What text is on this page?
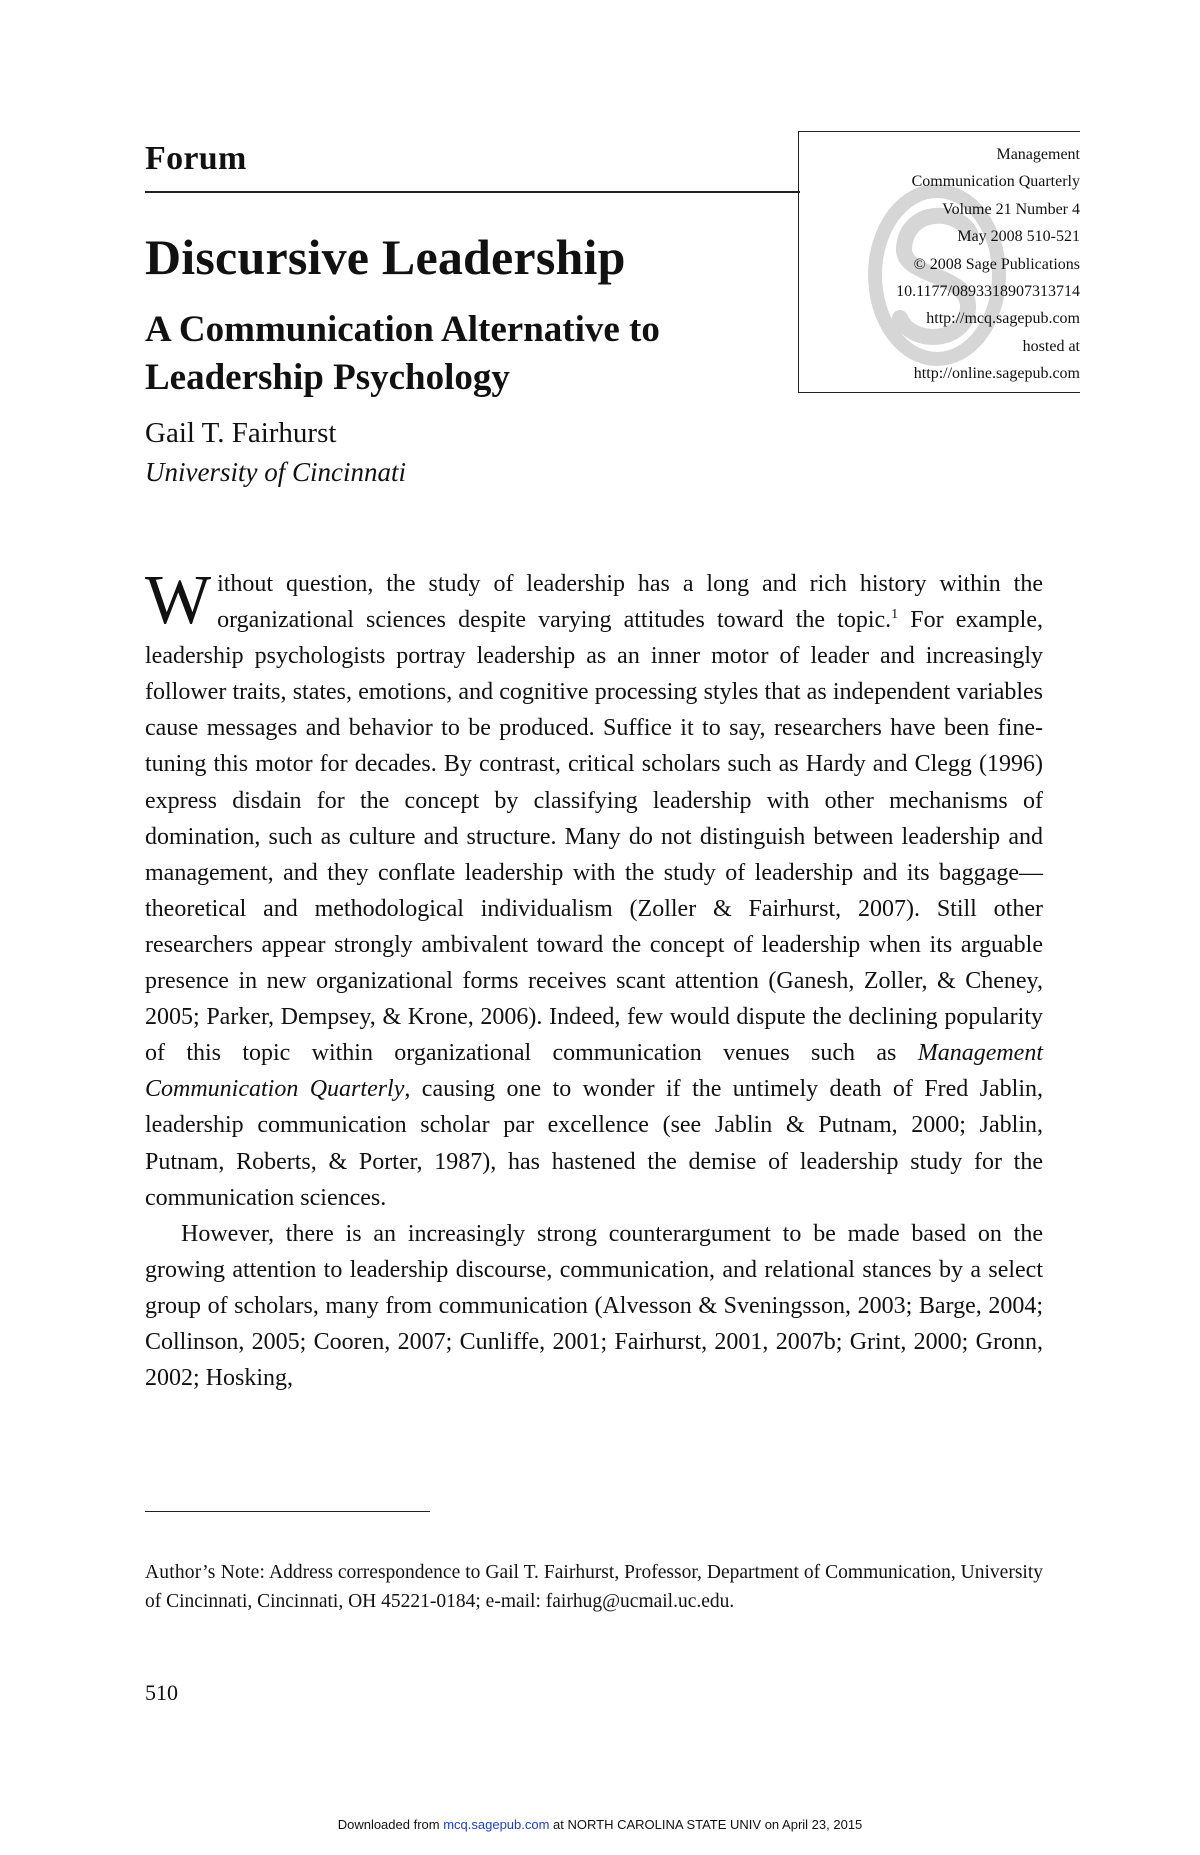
Forum	Management
Communication Quarterly
Volume 21 Number 4
May 2008 510-521
© 2008 Sage Publications
10.1177/0893318907313714
http://mcq.sagepub.com
hosted at
http://online.sagepub.com
Discursive Leadership
A Communication Alternative to
Leadership Psychology
Gail T. Fairhurst
University of Cincinnati

Without question, the study of leadership has a long and rich history within the organizational sciences despite varying attitudes toward the topic.$^1$ For example, leadership psychologists portray leadership as an inner motor of leader and increasingly follower traits, states, emotions, and cognitive processing styles that as independent variables cause messages and behavior to be produced. Suffice it to say, researchers have been fine-tuning this motor for decades. By contrast, critical scholars such as Hardy and Clegg (1996) express disdain for the concept by classifying leadership with other mechanisms of domination, such as culture and structure. Many do not distinguish between leadership and management, and they conflate leadership with the study of leadership and its baggage—theoretical and methodological individualism (Zoller & Fairhurst, 2007). Still other researchers appear strongly ambivalent toward the concept of leadership when its arguable presence in new organizational forms receives scant attention (Ganesh, Zoller, & Cheney, 2005; Parker, Dempsey, & Krone, 2006). Indeed, few would dispute the declining popularity of this topic within organizational communication venues such as Management Communication Quarterly, causing one to wonder if the untimely death of Fred Jablin, leadership communication scholar par excellence (see Jablin & Putnam, 2000; Jablin, Putnam, Roberts, & Porter, 1987), has hastened the demise of leadership study for the communication sciences.

However, there is an increasingly strong counterargument to be made based on the growing attention to leadership discourse, communication, and relational stances by a select group of scholars, many from communication (Alvesson & Sveningsson, 2003; Barge, 2004; Collinson, 2005; Cooren, 2007; Cunliffe, 2001; Fairhurst, 2001, 2007b; Grint, 2000; Gronn, 2002; Hosking,

Author’s Note: Address correspondence to Gail T. Fairhurst, Professor, Department of Communication, University of Cincinnati, Cincinnati, OH 45221-0184; e-mail: fairhug@ucmail.uc.edu.
510
Downloaded from mcq.sagepub.com at NORTH CAROLINA STATE UNIV on April 23, 2015
